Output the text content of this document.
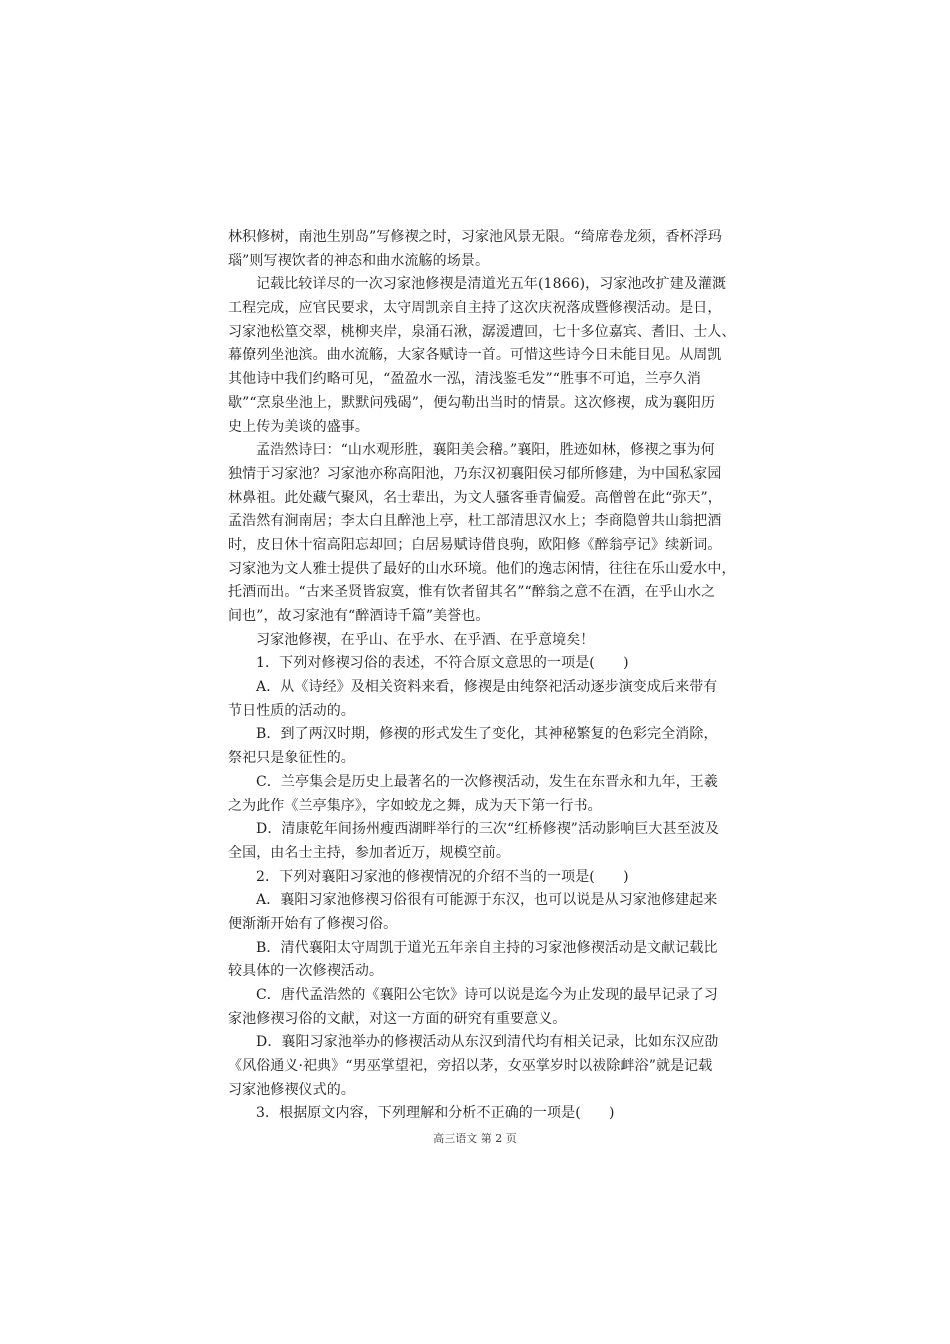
林积修树，南池生别岛”写修禊之时，习家池风景无限。“绮席卷龙须，香杯浮玛
瑙”则写禊饮者的神态和曲水流觞的场景。
记载比较详尽的一次习家池修禊是清道光五年(1866)，习家池改扩建及灌溉
工程完成，应官民要求，太守周凯亲自主持了这次庆祝落成暨修禊活动。是日，
习家池松篁交翠，桃柳夹岸，泉涌石湫，潺湲遭回，七十多位嘉宾、耆旧、士人、
幕僚列坐池滨。曲水流觞，大家各赋诗一首。可惜这些诗今日未能目见。从周凯
其他诗中我们约略可见，“盈盈水一泓，清浅鉴毛发”“胜事不可追，兰亭久消
歇”“烹泉坐池上，默默问残碣”，便勾勒出当时的情景。这次修禊，成为襄阳历
史上传为美谈的盛事。
孟浩然诗曰：“山水观形胜，襄阳美会稽。”襄阳，胜迹如林，修禊之事为何
独情于习家池？习家池亦称高阳池，乃东汉初襄阳侯习郁所修建，为中国私家园
林鼻祖。此处藏气聚风，名士辈出，为文人骚客垂青偏爱。高僧曾在此“弥天”，
孟浩然有涧南居；李太白且醉池上亭，杜工部清思汉水上；李商隐曾共山翁把酒
时，皮日休十宿高阳忘却回；白居易赋诗借良驹，欧阳修《醉翁亭记》续新词。
习家池为文人雅士提供了最好的山水环境。他们的逸志闲情，往往在乐山爱水中，
托酒而出。“古来圣贤皆寂寞，惟有饮者留其名”“醉翁之意不在酒，在乎山水之
间也”，故习家池有“醉酒诗千篇”美誉也。
习家池修禊，在乎山、在乎水、在乎酒、在乎意境矣！
1．下列对修禊习俗的表述，不符合原文意思的一项是(　　)
A．从《诗经》及相关资料来看，修禊是由纯祭祀活动逐步演变成后来带有
节日性质的活动的。
B．到了两汉时期，修禊的形式发生了变化，其神秘繁复的色彩完全消除，
祭祀只是象征性的。
C．兰亭集会是历史上最著名的一次修禊活动，发生在东晋永和九年，王羲
之为此作《兰亭集序》，字如蛟龙之舞，成为天下第一行书。
D．清康乾年间扬州瘦西湖畔举行的三次“红桥修禊”活动影响巨大甚至波及
全国，由名士主持，参加者近万，规模空前。
2．下列对襄阳习家池的修禊情况的介绍不当的一项是(　　)
A．襄阳习家池修禊习俗很有可能源于东汉，也可以说是从习家池修建起来
便渐渐开始有了修禊习俗。
B．清代襄阳太守周凯于道光五年亲自主持的习家池修禊活动是文献记载比
较具体的一次修禊活动。
C．唐代孟浩然的《襄阳公宅饮》诗可以说是迄今为止发现的最早记录了习
家池修禊习俗的文献，对这一方面的研究有重要意义。
D．襄阳习家池举办的修禊活动从东汉到清代均有相关记录，比如东汉应劭
《风俗通义·祀典》“男巫掌望祀，旁招以茅，女巫掌岁时以祓除衅浴”就是记载
习家池修禊仪式的。
3．根据原文内容，下列理解和分析不正确的一项是(　　)
高三语文 第 2 页
